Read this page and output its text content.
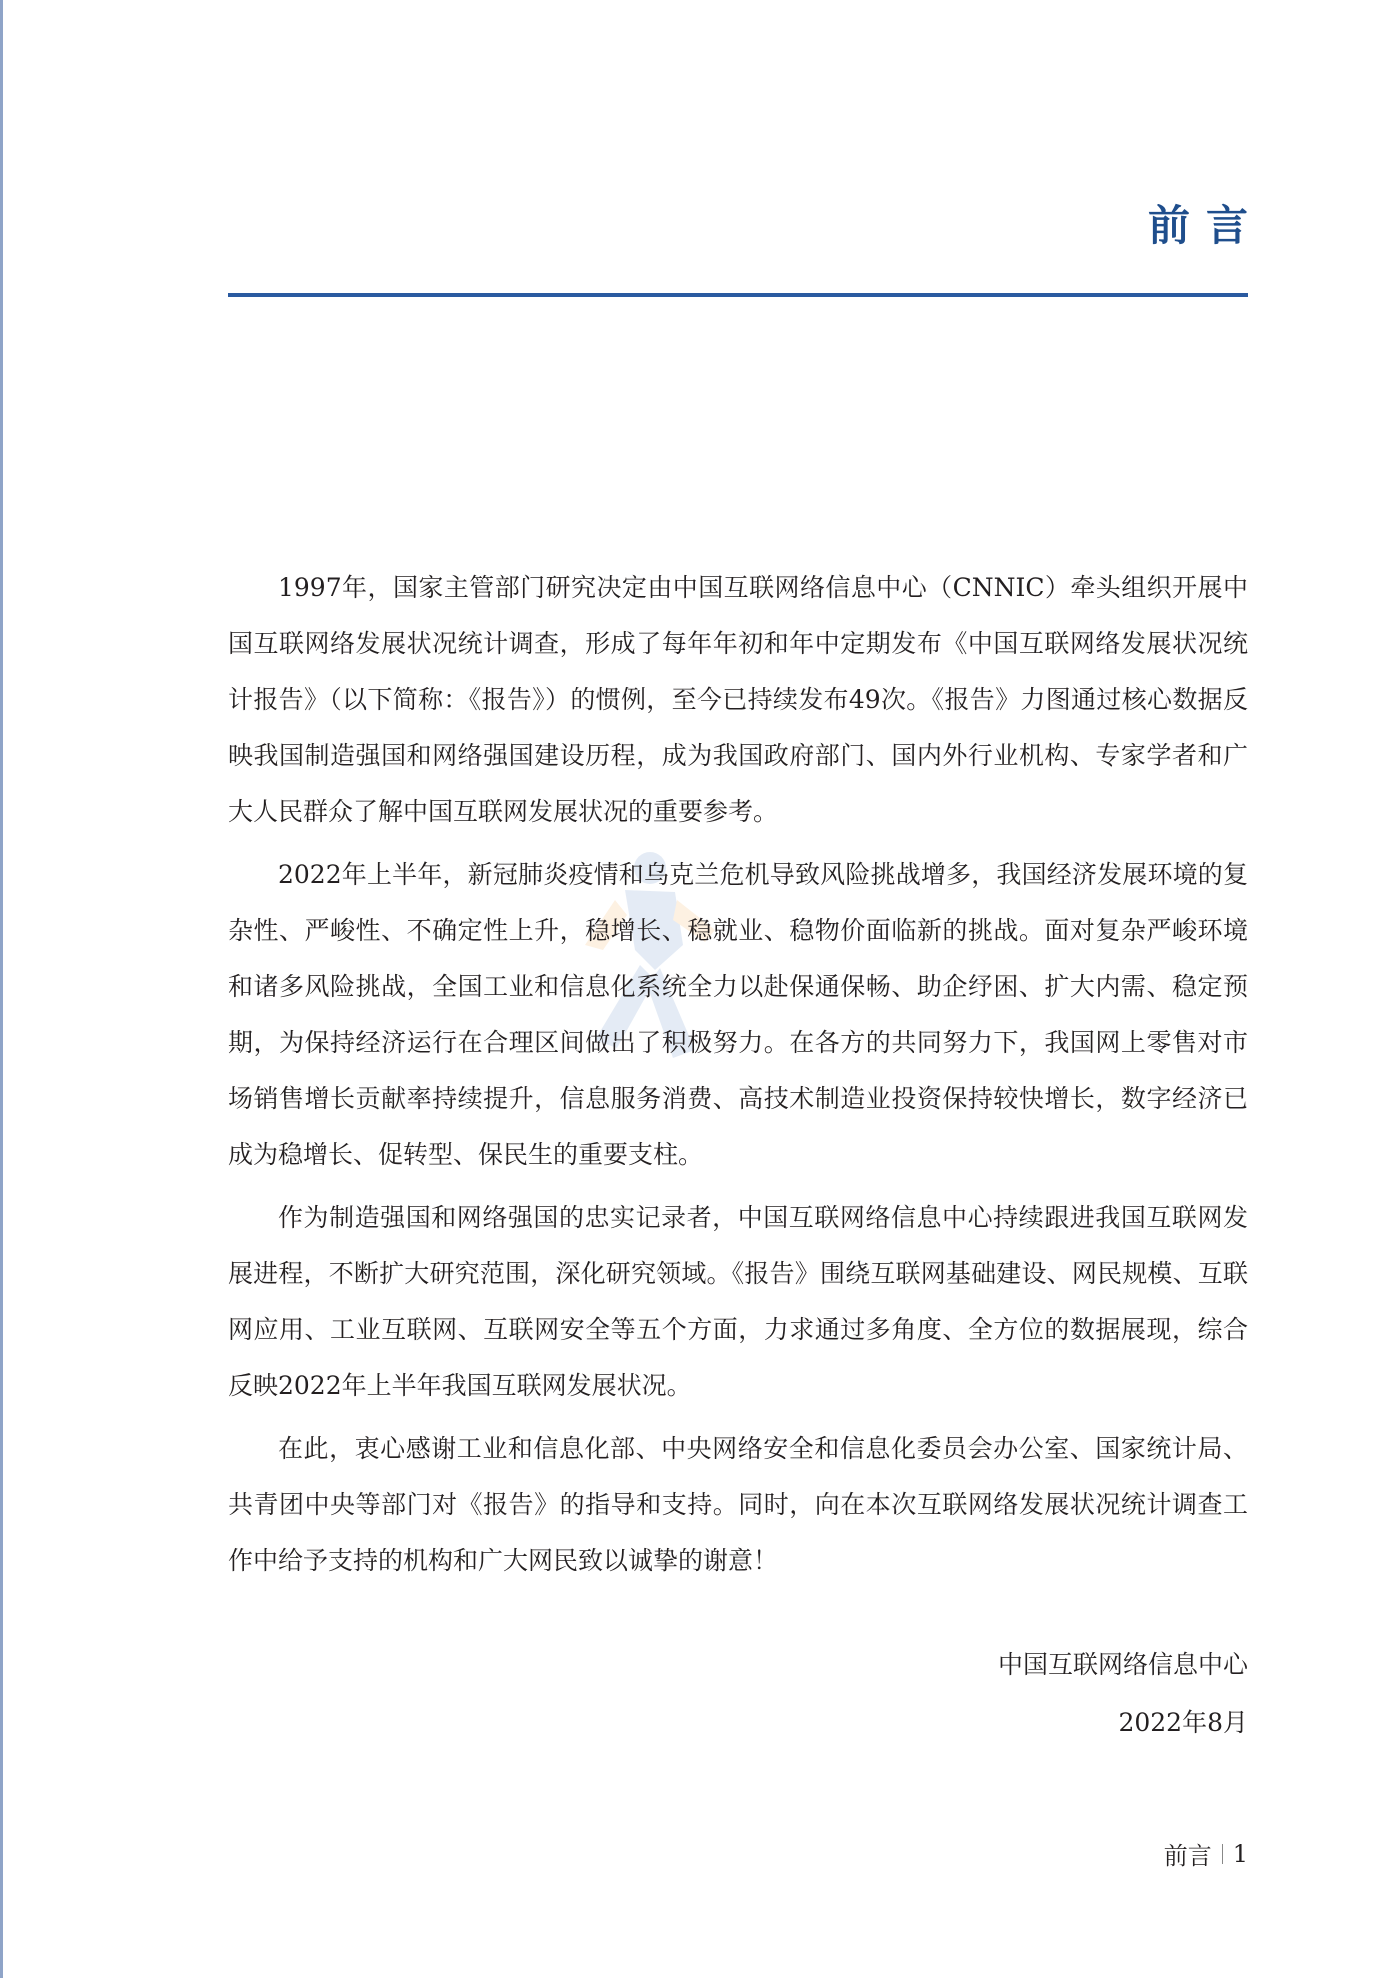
前言

1997年，国家主管部门研究决定由中国互联网络信息中心（CNNIC）牵头组织开展中国互联网络发展状况统计调查，形成了每年年初和年中定期发布《中国互联网络发展状况统计报告》（以下简称：《报告》）的惯例，至今已持续发布49次。《报告》力图通过核心数据反映我国制造强国和网络强国建设历程，成为我国政府部门、国内外行业机构、专家学者和广大人民群众了解中国互联网发展状况的重要参考。

2022年上半年，新冠肺炎疫情和乌克兰危机导致风险挑战增多，我国经济发展环境的复杂性、严峻性、不确定性上升，稳增长、稳就业、稳物价面临新的挑战。面对复杂严峻环境和诸多风险挑战，全国工业和信息化系统全力以赴保通保畅、助企纾困、扩大内需、稳定预期，为保持经济运行在合理区间做出了积极努力。在各方的共同努力下，我国网上零售对市场销售增长贡献率持续提升，信息服务消费、高技术制造业投资保持较快增长，数字经济已成为稳增长、促转型、保民生的重要支柱。

作为制造强国和网络强国的忠实记录者，中国互联网络信息中心持续跟进我国互联网发展进程，不断扩大研究范围，深化研究领域。《报告》围绕互联网基础建设、网民规模、互联网应用、工业互联网、互联网安全等五个方面，力求通过多角度、全方位的数据展现，综合反映2022年上半年我国互联网发展状况。

在此，衷心感谢工业和信息化部、中央网络安全和信息化委员会办公室、国家统计局、共青团中央等部门对《报告》的指导和支持。同时，向在本次互联网络发展状况统计调查工作中给予支持的机构和广大网民致以诚挚的谢意！

中国互联网络信息中心
2022年8月
前言 1
